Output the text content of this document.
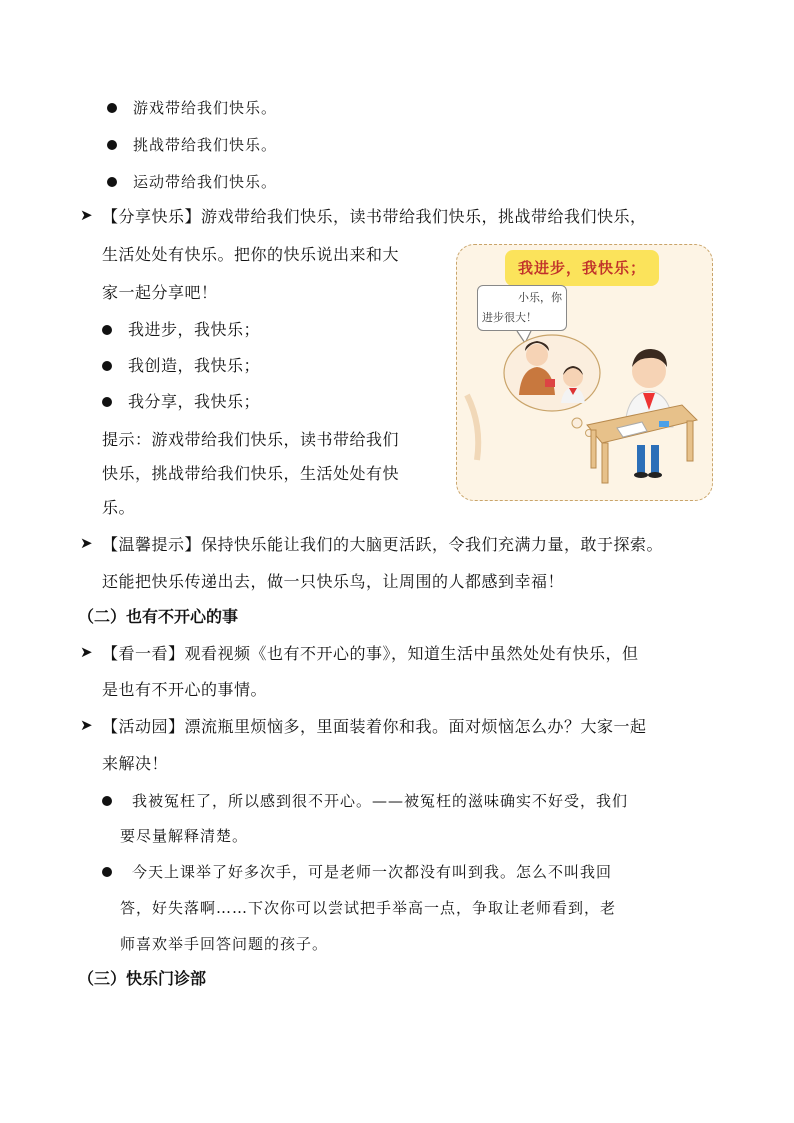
游戏带给我们快乐。
挑战带给我们快乐。
运动带给我们快乐。
➤ 【分享快乐】游戏带给我们快乐，读书带给我们快乐，挑战带给我们快乐，
生活处处有快乐。把你的快乐说出来和大
家一起分享吧！
我进步，我快乐；
我创造，我快乐；
我分享，我快乐；
提示：游戏带给我们快乐，读书带给我们
快乐，挑战带给我们快乐，生活处处有快
乐。
我进步，我快乐；
小乐，你
进步很大！
➤ 【温馨提示】保持快乐能让我们的大脑更活跃，令我们充满力量，敢于探索。
还能把快乐传递出去，做一只快乐鸟，让周围的人都感到幸福！
（二）也有不开心的事
➤ 【看一看】观看视频《也有不开心的事》，知道生活中虽然处处有快乐，但
是也有不开心的事情。
➤ 【活动园】漂流瓶里烦恼多，里面装着你和我。面对烦恼怎么办？大家一起
来解决！
我被冤枉了，所以感到很不开心。——被冤枉的滋味确实不好受，我们
要尽量解释清楚。
今天上课举了好多次手，可是老师一次都没有叫到我。怎么不叫我回
答，好失落啊……下次你可以尝试把手举高一点，争取让老师看到，老
师喜欢举手回答问题的孩子。
（三）快乐门诊部
